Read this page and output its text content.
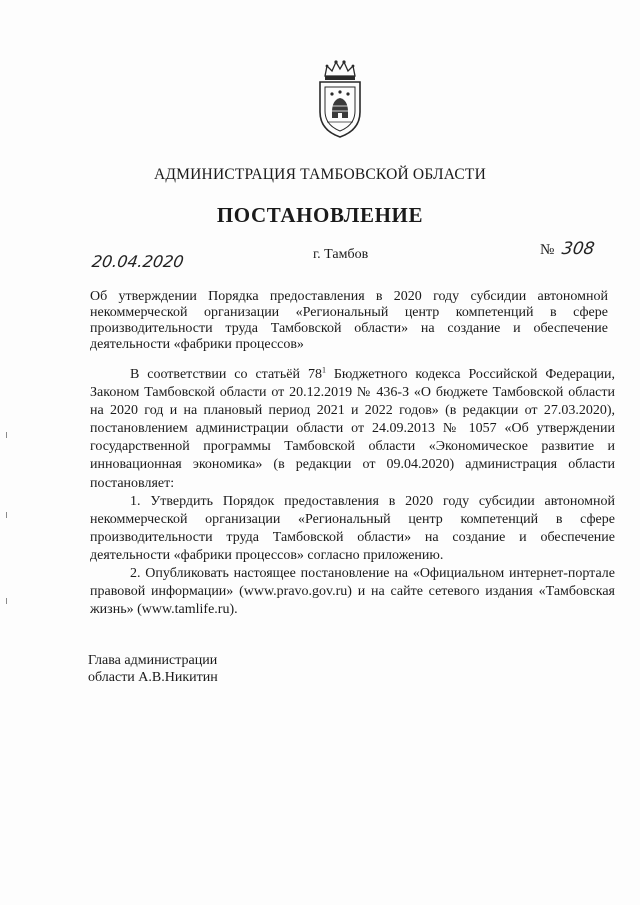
АДМИНИСТРАЦИЯ ТАМБОВСКОЙ ОБЛАСТИ
ПОСТАНОВЛЕНИЕ
20.04.2020	г. Тамбов	№ 308
Об утверждении Порядка предоставления в 2020 году субсидии автономной некоммерческой организации «Региональный центр компетенций в сфере производительности труда Тамбовской области» на создание и обеспечение деятельности «фабрики процессов»

В соответствии со статьёй $78^1$ Бюджетного кодекса Российской Федерации, Законом Тамбовской области от 20.12.2019 № 436-З «О бюджете Тамбовской области на 2020 год и на плановый период 2021 и 2022 годов» (в редакции от 27.03.2020), постановлением администрации области от 24.09.2013 № 1057 «Об утверждении государственной программы Тамбовской области «Экономическое развитие и инновационная экономика» (в редакции от 09.04.2020) администрация области постановляет:

1. Утвердить Порядок предоставления в 2020 году субсидии автономной некоммерческой организации «Региональный центр компетенций в сфере производительности труда Тамбовской области» на создание и обеспечение деятельности «фабрики процессов» согласно приложению.

2. Опубликовать настоящее постановление на «Официальном интернет-портале правовой информации» (www.pravo.gov.ru) и на сайте сетевого издания «Тамбовская жизнь» (www.tamlife.ru).

Глава администрации
области А.В.Никитин
